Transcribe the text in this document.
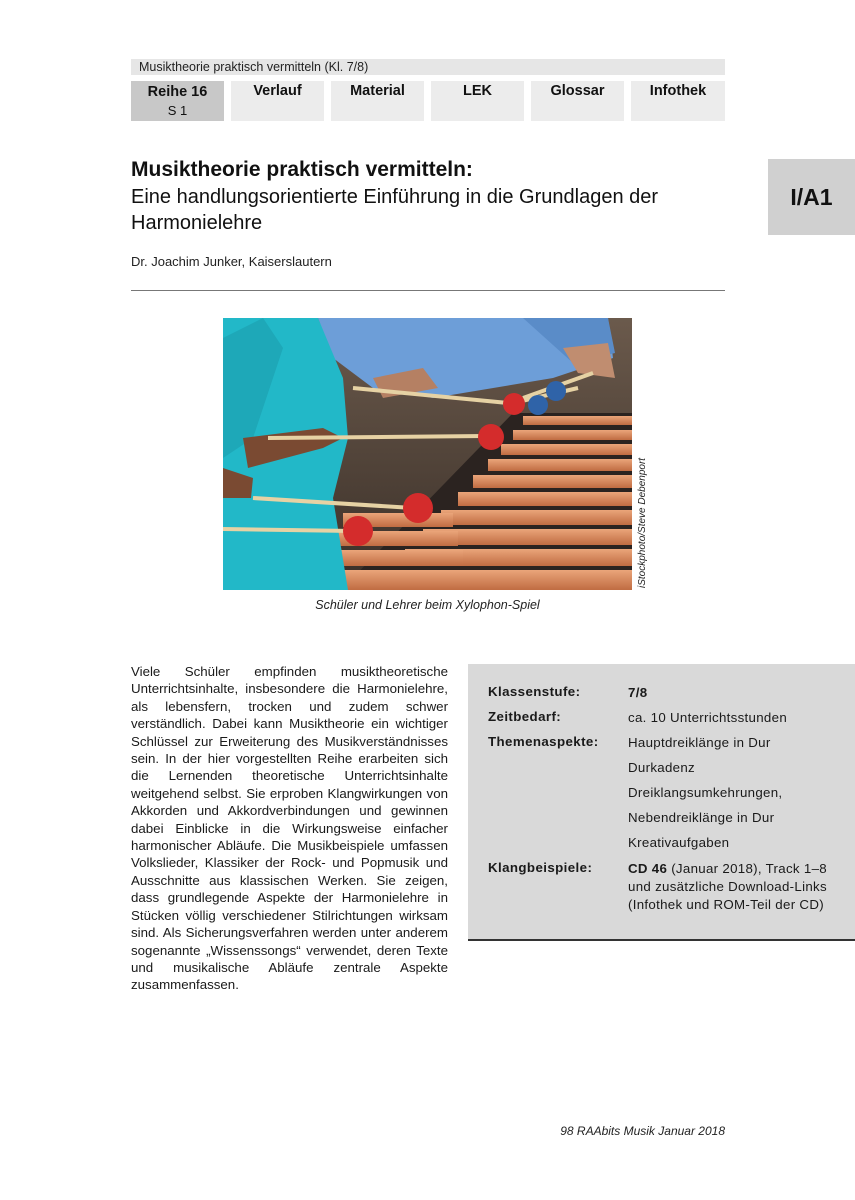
Musiktheorie praktisch vermitteln (Kl. 7/8)
Reihe 16
S 1
Verlauf	Material	LEK	Glossar	Infothek
I/A1
Musiktheorie praktisch vermitteln:
Eine handlungsorientierte Einführung in die Grundlagen der Harmonielehre
Dr. Joachim Junker, Kaiserslautern
iStockphoto/Steve Debenport
Schüler und Lehrer beim Xylophon-Spiel

Viele Schüler empfinden musiktheoretische Unterrichtsinhalte, insbesondere die Harmonielehre, als lebensfern, trocken und zudem schwer verständlich. Dabei kann Musiktheorie ein wichtiger Schlüssel zur Erweiterung des Musikverständnisses sein. In der hier vorgestellten Reihe erarbeiten sich die Lernenden theoretische Unterrichtsinhalte weitgehend selbst. Sie erproben Klangwirkungen von Akkorden und Akkordverbindungen und gewinnen dabei Einblicke in die Wirkungsweise einfacher harmonischer Abläufe. Die Musikbeispiele umfassen Volkslieder, Klassiker der Rock- und Popmusik und Ausschnitte aus klassischen Werken. Sie zeigen, dass grundlegende Aspekte der Harmonielehre in Stücken völlig verschiedener Stilrichtungen wirksam sind. Als Sicherungsverfahren werden unter anderem sogenannte „Wissenssongs“ verwendet, deren Texte und musikalische Abläufe zentrale Aspekte zusammenfassen.

Klassenstufe:	7/8
Zeitbedarf:	ca. 10 Unterrichtsstunden
Themenaspekte: Hauptdreiklänge in Dur
Durkadenz
Dreiklangsumkehrungen,
Nebendreiklänge in Dur
Kreativaufgaben
Klangbeispiele:	CD 46 (Januar 2018), Track 1–8 und zusätzliche Download-Links (Infothek und ROM-Teil der CD)
98 RAAbits Musik Januar 2018
